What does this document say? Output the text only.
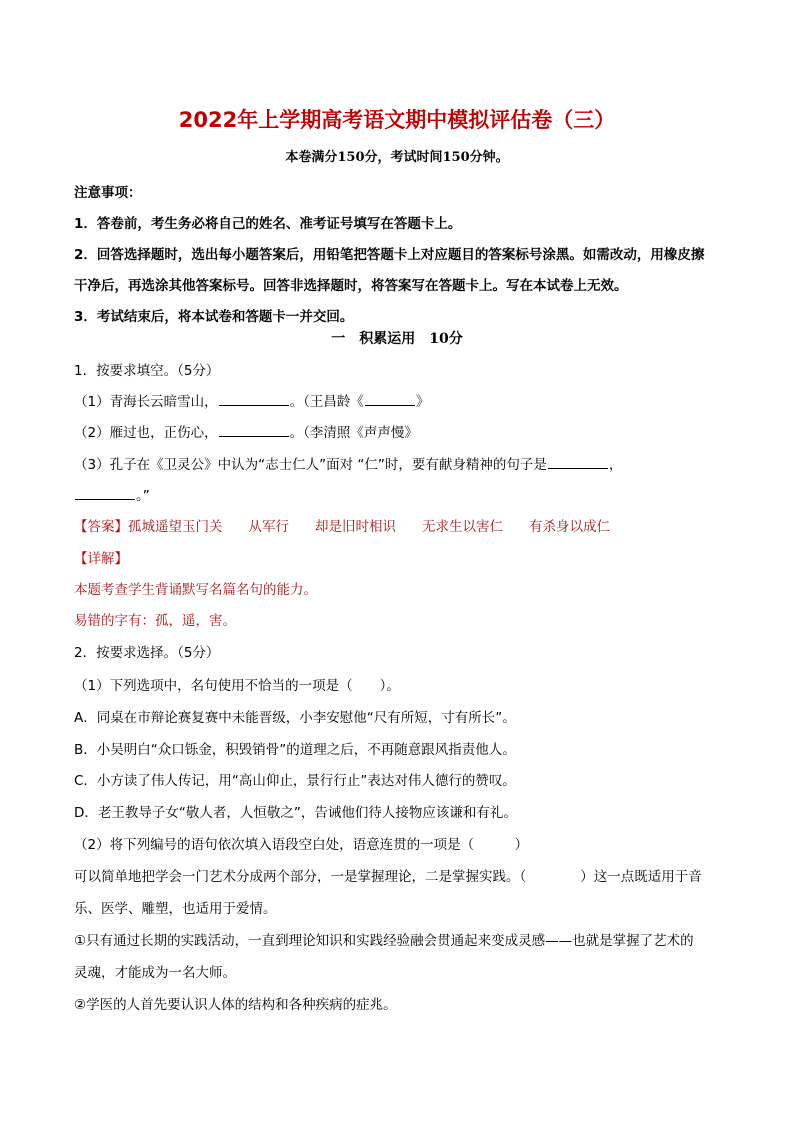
2022年上学期高考语文期中模拟评估卷（三）
本卷满分150分，考试时间150分钟。
注意事项：
1．答卷前，考生务必将自己的姓名、准考证号填写在答题卡上。
2．回答选择题时，选出每小题答案后，用铅笔把答题卡上对应题目的答案标号涂黑。如需改动，用橡皮擦
干净后，再选涂其他答案标号。回答非选择题时，将答案写在答题卡上。写在本试卷上无效。
3．考试结束后，将本试卷和答题卡一并交回。
一　积累运用　10分
1．按要求填空。（5分）
（1）青海长云暗雪山，	。（王昌龄《	》
（2）雁过也，正伤心，	。（李清照《声声慢》
（3）孔子在《卫灵公》中认为“志士仁人”面对 “仁”时，要有献身精神的句子是	，
。”
【答案】孤城遥望玉门关 从军行 却是旧时相识 无求生以害仁 有杀身以成仁
【详解】
本题考查学生背诵默写名篇名句的能力。
易错的字有：孤，遥，害。
2．按要求选择。（5分）
（1）下列选项中，名句使用不恰当的一项是（　　）。
A．同桌在市辩论赛复赛中未能晋级，小李安慰他“尺有所短，寸有所长”。
B．小吴明白“众口铄金，积毁销骨”的道理之后，不再随意跟风指责他人。
C．小方读了伟人传记，用“高山仰止，景行行止”表达对伟人德行的赞叹。
D．老王教导子女“敬人者，人恒敬之”，告诫他们待人接物应该谦和有礼。
（2）将下列编号的语句依次填入语段空白处，语意连贯的一项是（　　　）
可以简单地把学会一门艺术分成两个部分，一是掌握理论，二是掌握实践。（　　　　）这一点既适用于音
乐、医学、雕塑，也适用于爱情。
①只有通过长期的实践活动，一直到理论知识和实践经验融会贯通起来变成灵感——也就是掌握了艺术的
灵魂，才能成为一名大师。
②学医的人首先要认识人体的结构和各种疾病的症兆。
